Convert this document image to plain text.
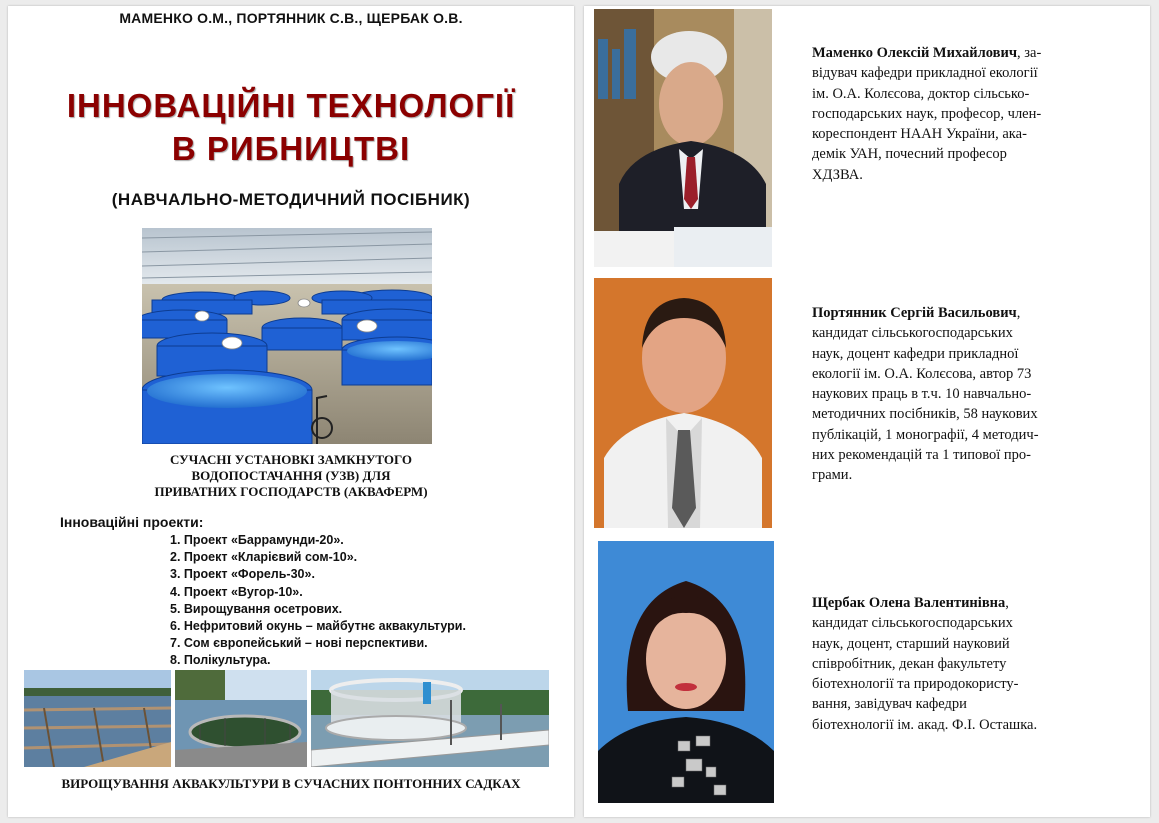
МАМЕНКО О.М., ПОРТЯННИК С.В., ЩЕРБАК О.В.
ІННОВАЦІЙНІ ТЕХНОЛОГІЇ
В РИБНИЦТВІ
(НАВЧАЛЬНО-МЕТОДИЧНИЙ ПОСІБНИК)
СУЧАСНІ УСТАНОВКІ ЗАМКНУТОГО
ВОДОПОСТАЧАННЯ (УЗВ) ДЛЯ
ПРИВАТНИХ ГОСПОДАРСТВ (АКВАФЕРМ)
Інноваційні проекти:
1. Проект «Баррамунди-20».
2. Проект «Кларієвий сом-10».
3. Проект «Форель-30».
4. Проект «Вугор-10».
5. Вирощування осетрових.
6. Нефритовий окунь – майбутнє аквакультури.
7. Сом європейський – нові перспективи.
8. Полікультура.
ВИРОЩУВАННЯ АКВАКУЛЬТУРИ В СУЧАСНИХ ПОНТОННИХ САДКАХ
Маменко Олексій Михайлович, за-
відувач кафедри прикладної екології
ім. О.А. Колєсова, доктор сільсько-
господарських наук, професор, член-
кореспондент НААН України, ака-
демік УАН, почесний професор
ХДЗВА.
Портянник Сергій Васильович,
кандидат сільськогосподарських
наук, доцент кафедри прикладної
екології ім. О.А. Колєсова, автор 73
наукових праць в т.ч. 10 навчально-
методичних посібників, 58 наукових
публікацій, 1 монографії, 4 методич-
них рекомендацій та 1 типової про-
грами.
Щербак Олена Валентинівна,
кандидат сільськогосподарських
наук, доцент, старший науковий
співробітник, декан факультету
біотехнології та природокористу-
вання, завідувач кафедри
біотехнології ім. акад. Ф.І. Осташка.
